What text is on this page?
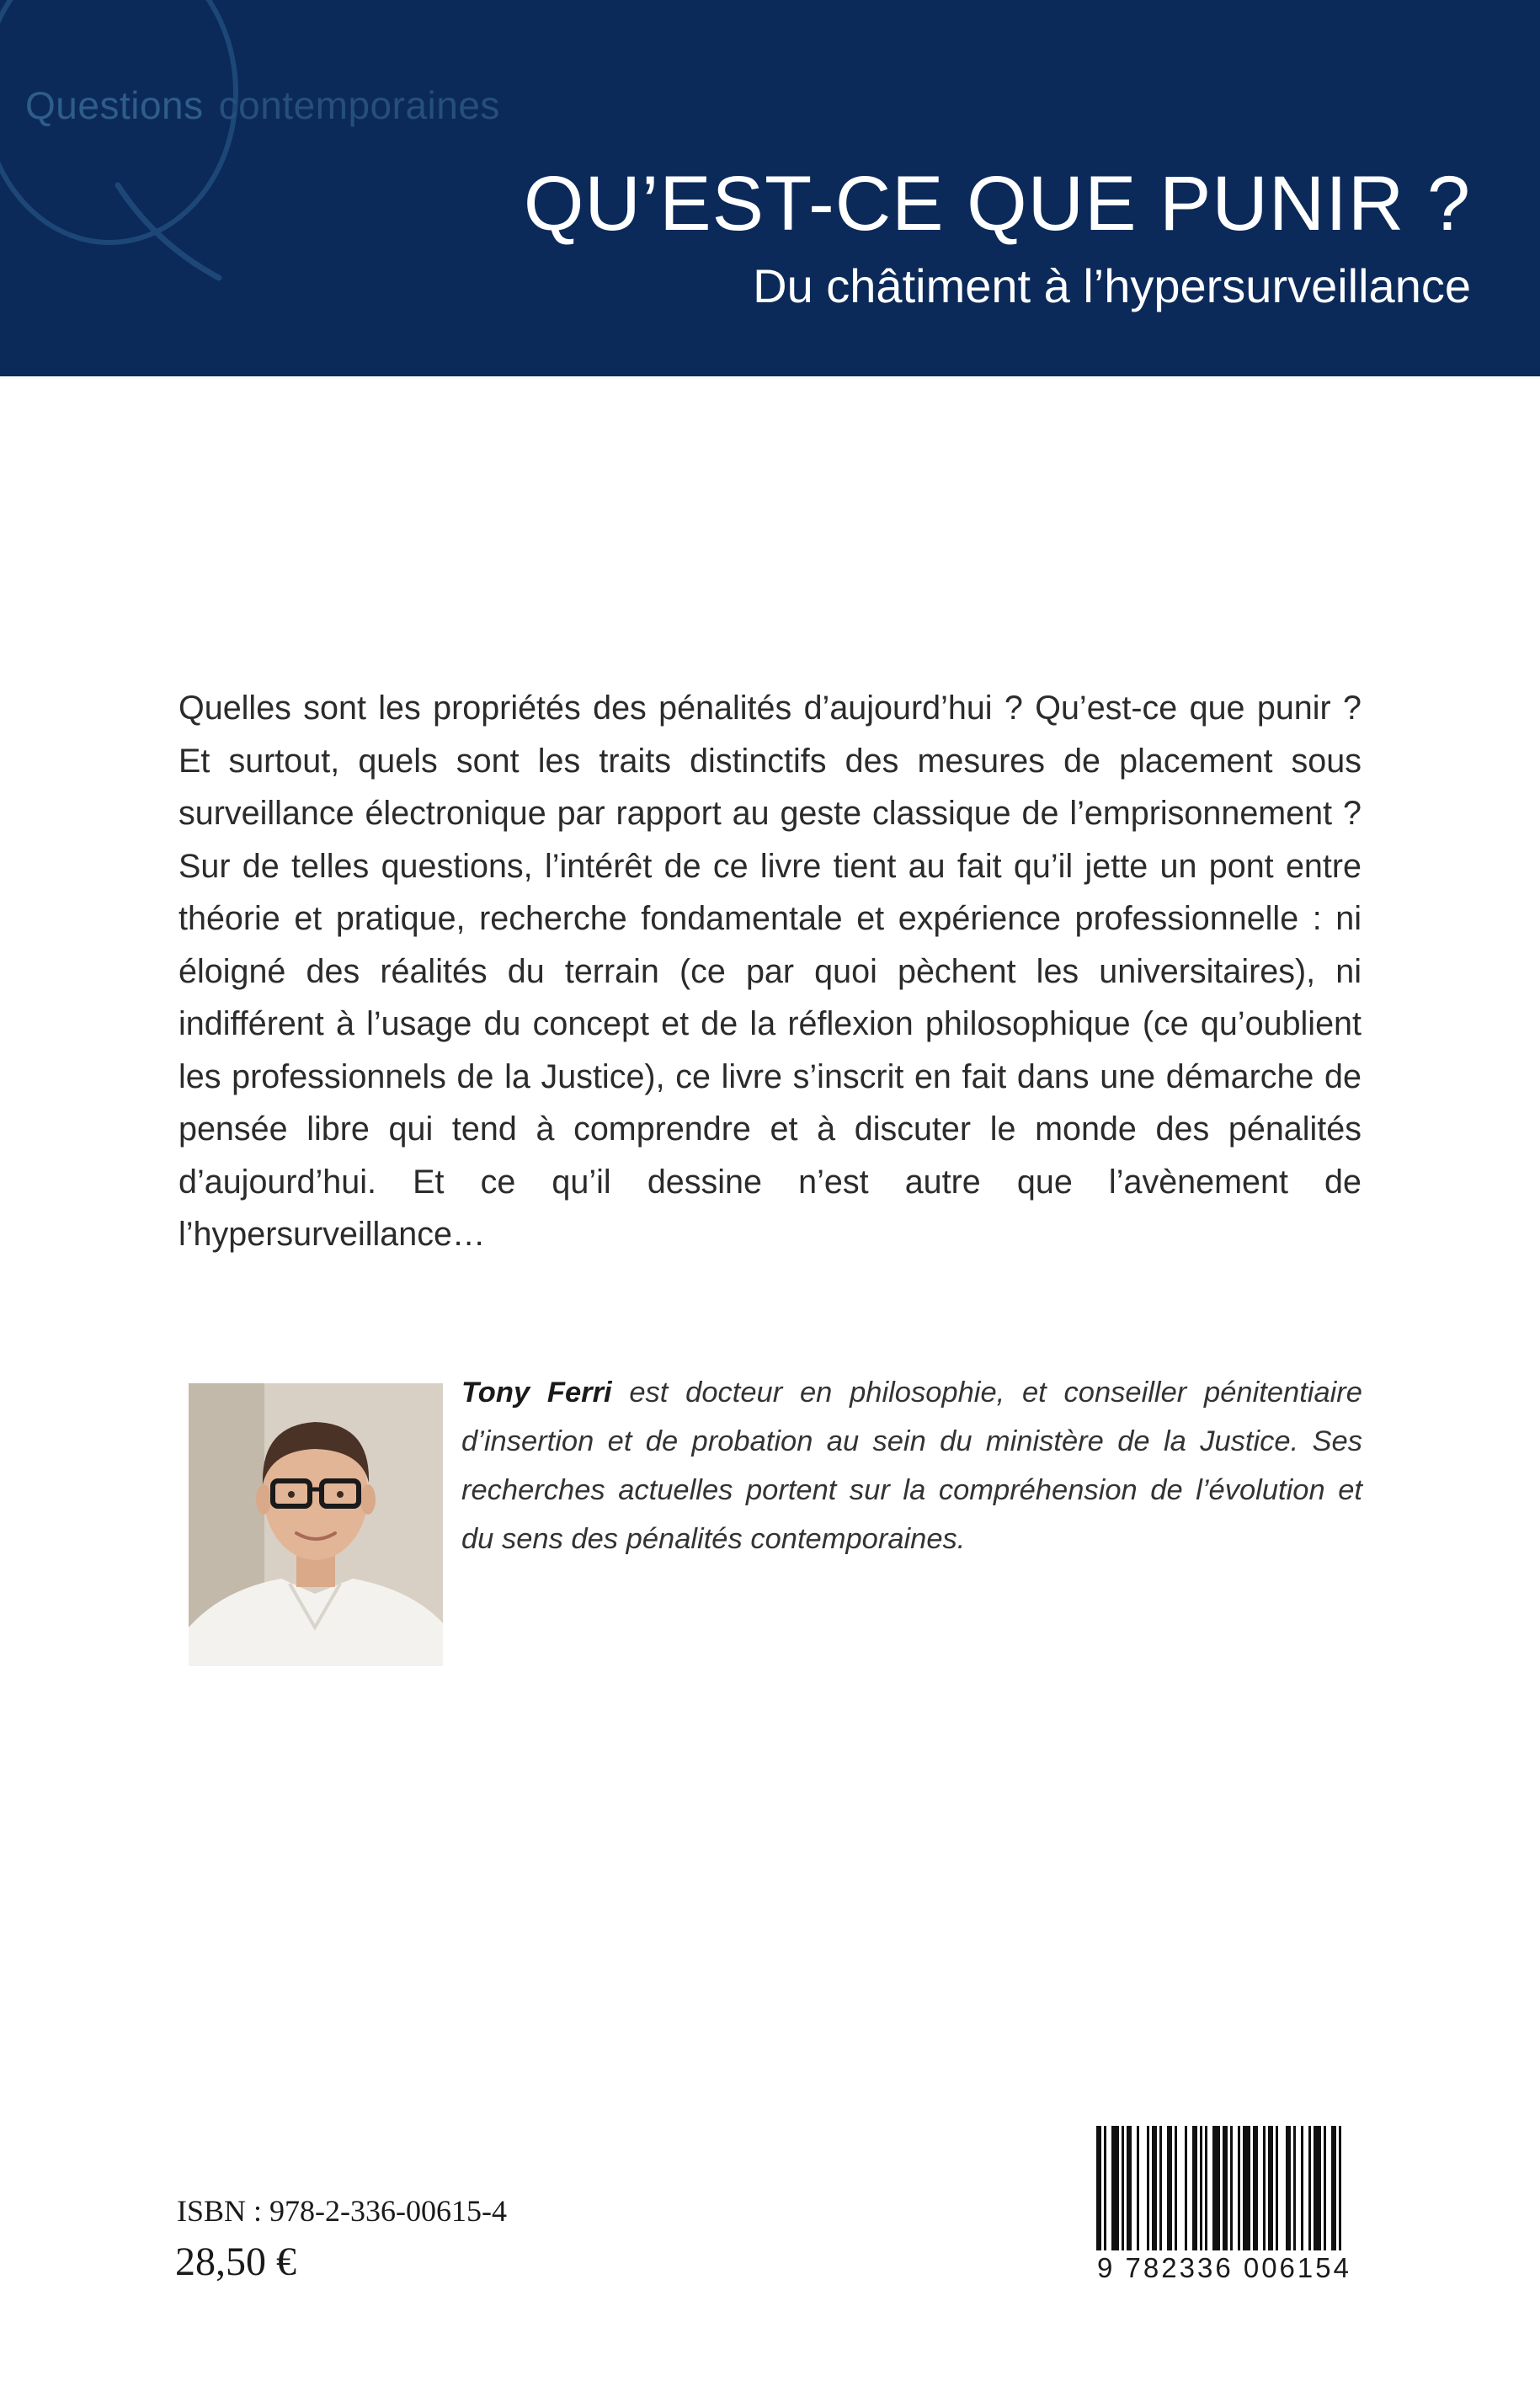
Questions contemporaines
QU’EST-CE QUE PUNIR ?
Du châtiment à l’hypersurveillance

Quelles sont les propriétés des pénalités d’aujourd’hui ? Qu’est-ce que punir ? Et surtout, quels sont les traits distinctifs des mesures de placement sous surveillance électronique par rapport au geste classique de l’emprisonnement ? Sur de telles questions, l’intérêt de ce livre tient au fait qu’il jette un pont entre théorie et pratique, recherche fondamentale et expérience professionnelle : ni éloigné des réalités du terrain (ce par quoi pèchent les universitaires), ni indifférent à l’usage du concept et de la réflexion philosophique (ce qu’oublient les professionnels de la Justice), ce livre s’inscrit en fait dans une démarche de pensée libre qui tend à comprendre et à discuter le monde des pénalités d’aujourd’hui. Et ce qu’il dessine n’est autre que l’avènement de l’hypersurveillance…

Tony Ferri est docteur en philosophie, et conseiller pénitentiaire d’insertion et de probation au sein du ministère de la Justice. Ses recherches actuelles portent sur la compréhension de l’évolution et du sens des pénalités contemporaines.

ISBN : 978-2-336-00615-4
28,50 €	9 782336 006154
